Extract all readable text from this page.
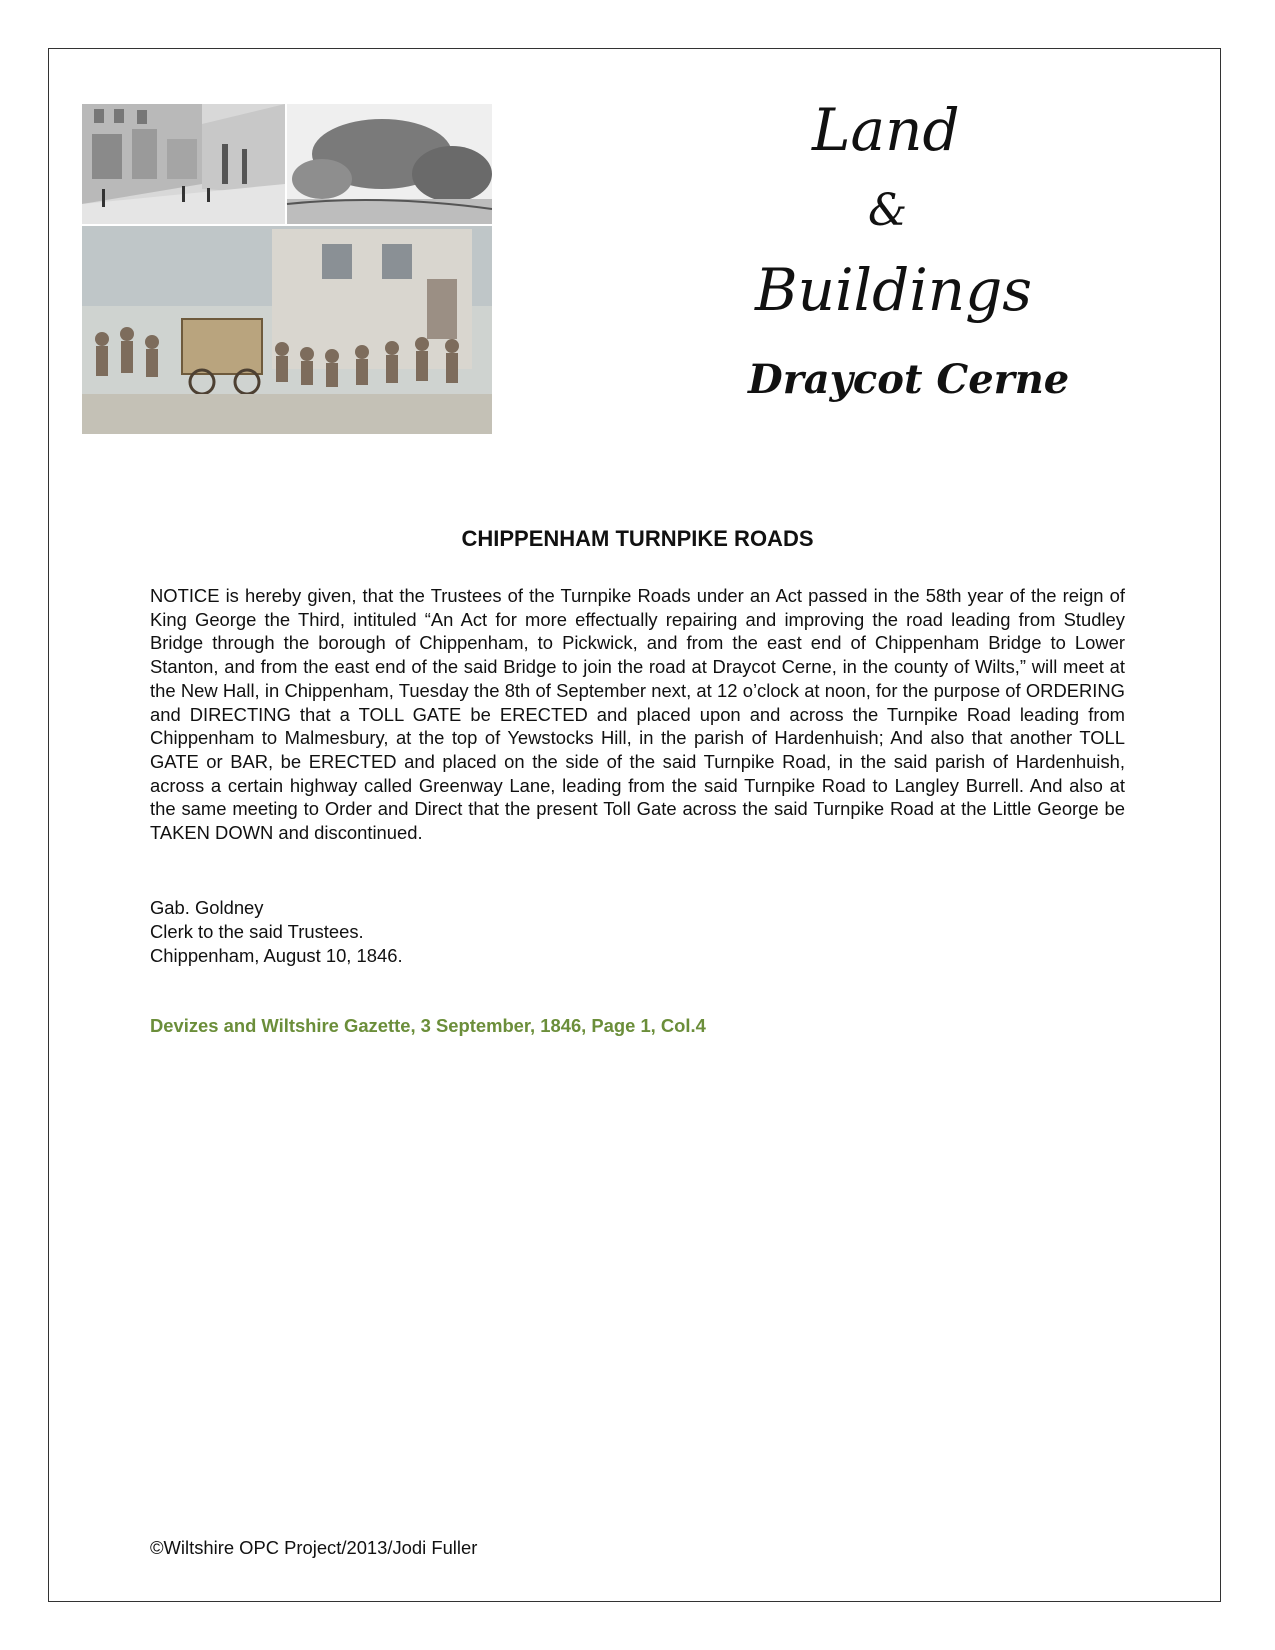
Land
&
Buildings
Draycot Cerne
CHIPPENHAM TURNPIKE ROADS
NOTICE is hereby given, that the Trustees of the Turnpike Roads under an Act passed in the 58th year of the reign of King George the Third, intituled “An Act for more effectually repairing and improving the road leading from Studley Bridge through the borough of Chippenham, to Pickwick, and from the east end of Chippenham Bridge to Lower Stanton, and from the east end of the said Bridge to join the road at Draycot Cerne, in the county of Wilts,” will meet at the New Hall, in Chippenham, Tuesday the 8th of September next, at 12 o’clock at noon, for the purpose of ORDERING and DIRECTING that a TOLL GATE be ERECTED and placed upon and across the Turnpike Road leading from Chippenham to Malmesbury, at the top of Yewstocks Hill, in the parish of Hardenhuish; And also that another TOLL GATE or BAR, be ERECTED and placed on the side of the said Turnpike Road, in the said parish of Hardenhuish, across a certain highway called Greenway Lane, leading from the said Turnpike Road to Langley Burrell. And also at the same meeting to Order and Direct that the present Toll Gate across the said Turnpike Road at the Little George be TAKEN DOWN and discontinued.
Gab. Goldney
Clerk to the said Trustees.
Chippenham, August 10, 1846.
Devizes and Wiltshire Gazette, 3 September, 1846, Page 1, Col.4
©Wiltshire OPC Project/2013/Jodi Fuller
